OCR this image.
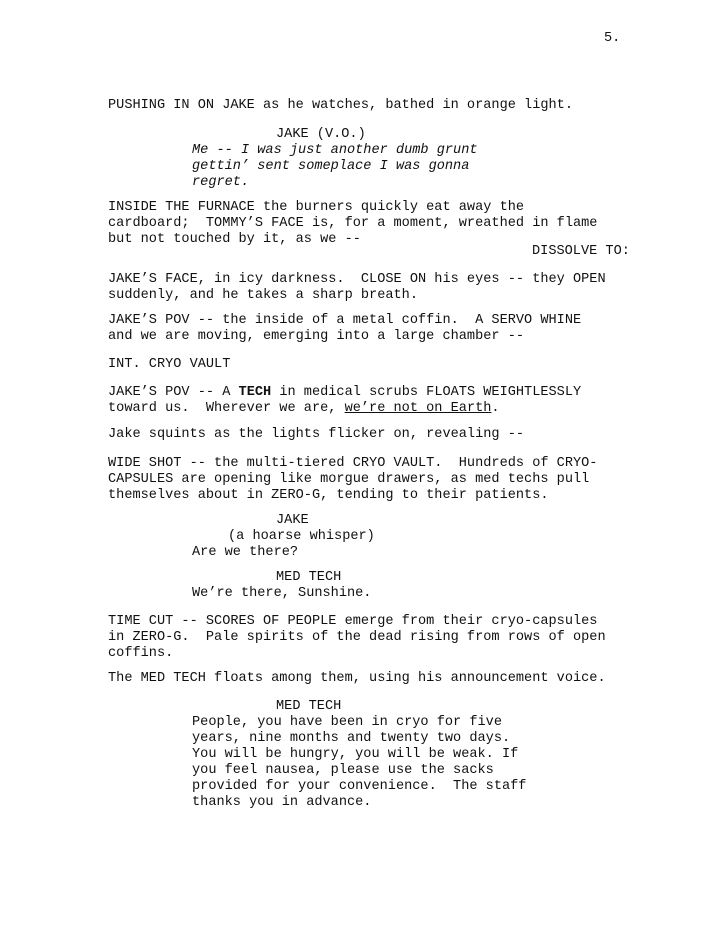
5.
PUSHING IN ON JAKE as he watches, bathed in orange light.
JAKE (V.O.)
Me -- I was just another dumb grunt
gettin’ sent someplace I was gonna
regret.
INSIDE THE FURNACE the burners quickly eat away the
cardboard;  TOMMY’S FACE is, for a moment, wreathed in flame
but not touched by it, as we --
DISSOLVE TO:
JAKE’S FACE, in icy darkness.  CLOSE ON his eyes -- they OPEN
suddenly, and he takes a sharp breath.
JAKE’S POV -- the inside of a metal coffin.  A SERVO WHINE
and we are moving, emerging into a large chamber --
INT. CRYO VAULT
JAKE’S POV -- A TECH in medical scrubs FLOATS WEIGHTLESSLY
toward us.  Wherever we are, we’re not on Earth.
Jake squints as the lights flicker on, revealing --
WIDE SHOT -- the multi-tiered CRYO VAULT.  Hundreds of CRYO-
CAPSULES are opening like morgue drawers, as med techs pull
themselves about in ZERO-G, tending to their patients.
JAKE
(a hoarse whisper)
Are we there?
MED TECH
We’re there, Sunshine.
TIME CUT -- SCORES OF PEOPLE emerge from their cryo-capsules
in ZERO-G.  Pale spirits of the dead rising from rows of open
coffins.
The MED TECH floats among them, using his announcement voice.
MED TECH
People, you have been in cryo for five
years, nine months and twenty two days.
You will be hungry, you will be weak. If
you feel nausea, please use the sacks
provided for your convenience.  The staff
thanks you in advance.
